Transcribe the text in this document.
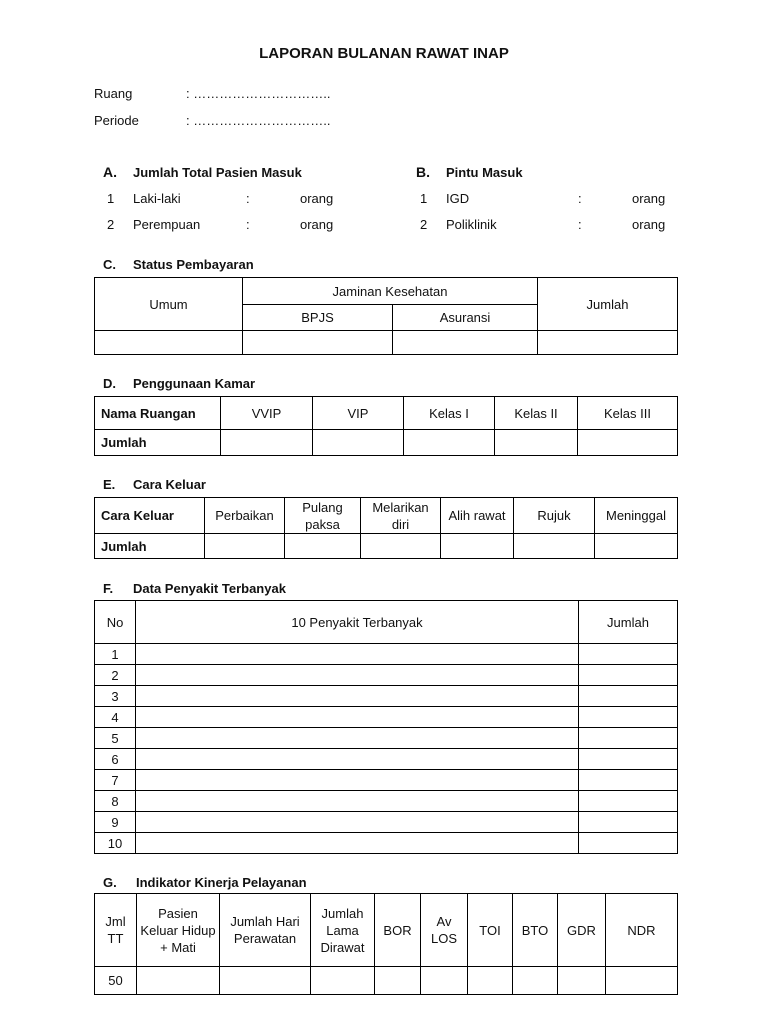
LAPORAN BULANAN RAWAT INAP
Ruang	: …………………………..
Periode	: …………………………..
A. Jumlah Total Pasien Masuk
1 Laki-laki	:	orang
2 Perempuan	:	orang
B. Pintu Masuk
1 IGD	:	orang
2 Poliklinik	:	orang
C. Status Pembayaran
Umum	Jaminan Kesehatan		Jumlah
	BPJS	Asuransi	

D. Penggunaan Kamar
Nama Ruangan	VVIP	VIP	Kelas I	Kelas II	Kelas III
Jumlah					
E. Cara Keluar
Cara Keluar	Perbaikan	Pulang paksa	Melarikan diri	Alih rawat	Rujuk	Meninggal
Jumlah						
F. Data Penyakit Terbanyak
No	10 Penyakit Terbanyak	Jumlah
1		
2		
3		
4		
5		
6		
7		
8		
9		
10		
G. Indikator Kinerja Pelayanan
Jml TT	Pasien Keluar Hidup + Mati	Jumlah Hari Perawatan	Jumlah Lama Dirawat	BOR	Av LOS	TOI	BTO	GDR	NDR
50									
